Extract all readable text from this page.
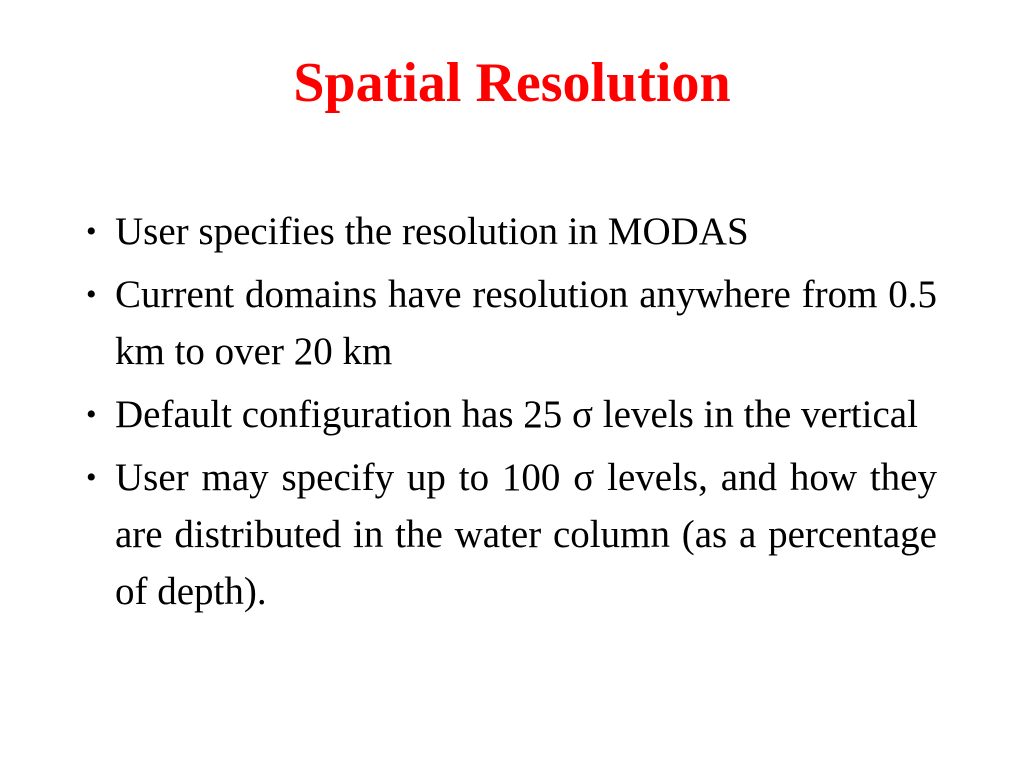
Spatial Resolution
• User specifies the resolution in MODAS
• Current domains have resolution anywhere from 0.5 km to over 20 km
• Default configuration has 25 σ levels in the vertical
• User may specify up to 100 σ levels, and how they are distributed in the water column (as a percentage of depth).
